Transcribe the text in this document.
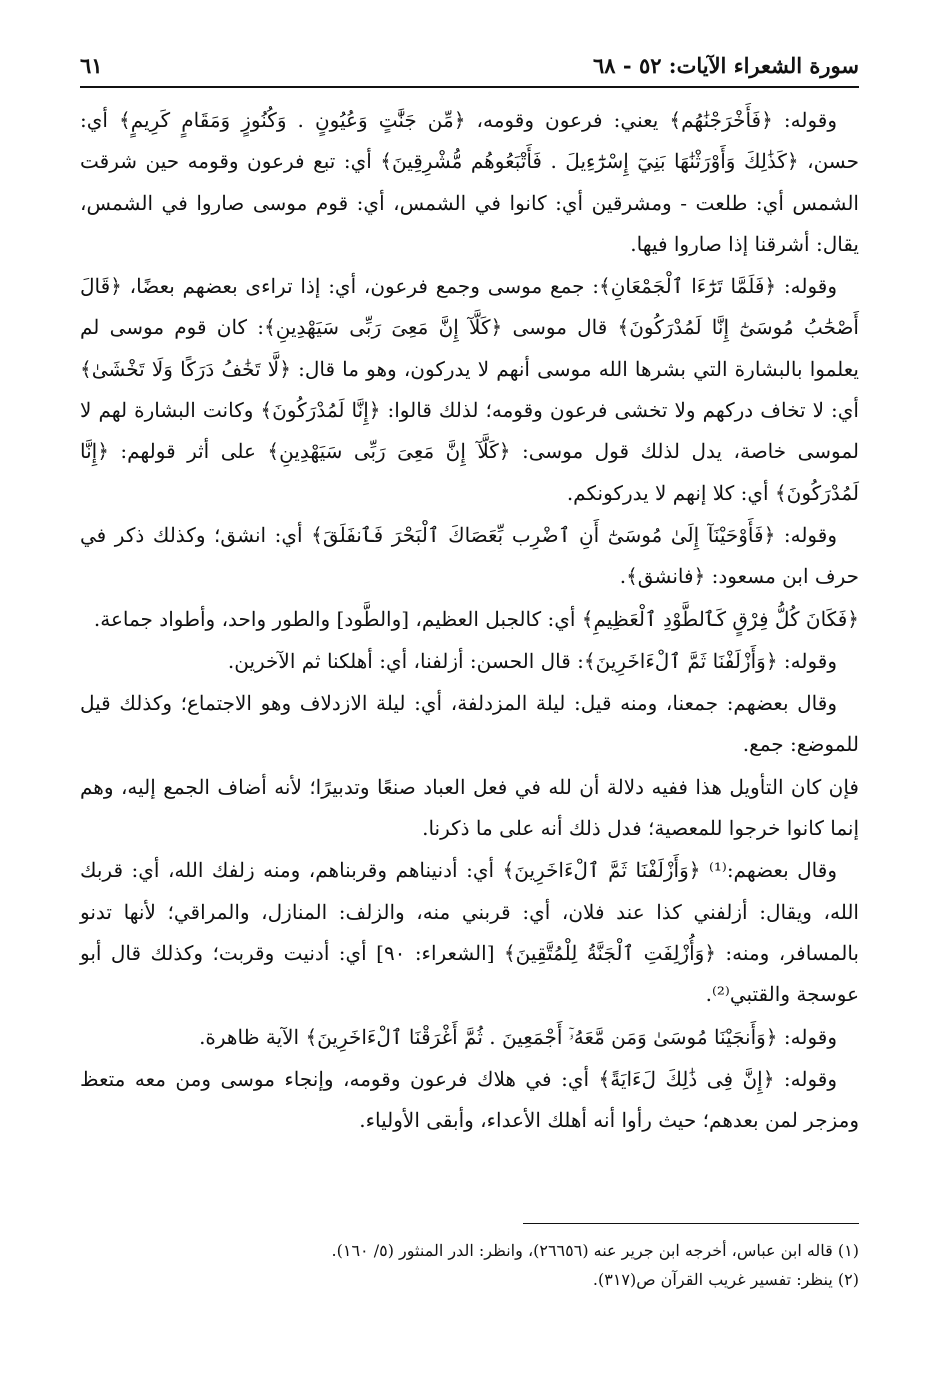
سورة الشعراء الآيات: ٥٢ - ٦٨
٦١

وقوله: ﴿فَأَخْرَجْنَٰهُم﴾ يعني: فرعون وقومه، ﴿مِّن جَنَّٰتٍ وَعُيُونٍ . وَكُنُوزٍ وَمَقَامٍ كَرِيمٍ﴾ أي: حسن، ﴿كَذَٰلِكَ وَأَوْرَثْنَٰهَا بَنِيٓ إِسْرَٰٓءِيلَ . فَأَتْبَعُوهُم مُّشْرِقِينَ﴾ أي: تبع فرعون وقومه حين شرقت الشمس أي: طلعت - ومشرقين أي: كانوا في الشمس، أي: قوم موسى صاروا في الشمس، يقال: أشرقنا إذا صاروا فيها.

وقوله: ﴿فَلَمَّا تَرَٰٓءَا ٱلْجَمْعَانِ﴾: جمع موسى وجمع فرعون، أي: إذا تراءى بعضهم بعضًا، ﴿قَالَ أَصْحَٰبُ مُوسَىٰٓ إِنَّا لَمُدْرَكُونَ﴾ قال موسى ﴿كَلَّآ إِنَّ مَعِىَ رَبِّى سَيَهْدِينِ﴾: كان قوم موسى لم يعلموا بالبشارة التي بشرها الله موسى أنهم لا يدركون، وهو ما قال: ﴿لَّا تَخَٰفُ دَرَكًا وَلَا تَخْشَىٰ﴾ أي: لا تخاف دركهم ولا تخشى فرعون وقومه؛ لذلك قالوا: ﴿إِنَّا لَمُدْرَكُونَ﴾ وكانت البشارة لهم لا لموسى خاصة، يدل لذلك قول موسى: ﴿كَلَّآ إِنَّ مَعِىَ رَبِّى سَيَهْدِينِ﴾ على أثر قولهم: ﴿إِنَّا لَمُدْرَكُونَ﴾ أي: كلا إنهم لا يدركونكم.

وقوله: ﴿فَأَوْحَيْنَآ إِلَىٰ مُوسَىٰٓ أَنِ ٱضْرِب بِّعَصَاكَ ٱلْبَحْرَ فَٱنفَلَقَ﴾ أي: انشق؛ وكذلك ذكر في حرف ابن مسعود: ﴿فانشق﴾.

﴿فَكَانَ كُلُّ فِرْقٍ كَٱلطَّوْدِ ٱلْعَظِيمِ﴾ أي: كالجبل العظيم، [والطَّود] والطور واحد، وأطواد جماعة.

وقوله: ﴿وَأَزْلَفْنَا ثَمَّ ٱلْءَاخَرِينَ﴾: قال الحسن: أزلفنا، أي: أهلكنا ثم الآخرين.

وقال بعضهم: جمعنا، ومنه قيل: ليلة المزدلفة، أي: ليلة الازدلاف وهو الاجتماع؛ وكذلك قيل للموضع: جمع.

فإن كان التأويل هذا ففيه دلالة أن لله في فعل العباد صنعًا وتدبيرًا؛ لأنه أضاف الجمع إليه، وهم إنما كانوا خرجوا للمعصية؛ فدل ذلك أنه على ما ذكرنا.

وقال بعضهم:⁽¹⁾ ﴿وَأَزْلَفْنَا ثَمَّ ٱلْءَاخَرِينَ﴾ أي: أدنيناهم وقربناهم، ومنه زلفك الله، أي: قربك الله، ويقال: أزلفني كذا عند فلان، أي: قربني منه، والزلف: المنازل، والمراقي؛ لأنها تدنو بالمسافر، ومنه: ﴿وَأُزْلِفَتِ ٱلْجَنَّةُ لِلْمُتَّقِينَ﴾ [الشعراء: ٩٠] أي: أدنيت وقربت؛ وكذلك قال أبو عوسجة والقتبي⁽²⁾.

وقوله: ﴿وَأَنجَيْنَا مُوسَىٰ وَمَن مَّعَهُۥٓ أَجْمَعِينَ . ثُمَّ أَغْرَقْنَا ٱلْءَاخَرِينَ﴾ الآية ظاهرة.

وقوله: ﴿إِنَّ فِى ذَٰلِكَ لَءَايَةً﴾ أي: في هلاك فرعون وقومه، وإنجاء موسى ومن معه متعظ ومزجر لمن بعدهم؛ حيث رأوا أنه أهلك الأعداء، وأبقى الأولياء.

(١) قاله ابن عباس، أخرجه ابن جرير عنه (٢٦٦٥٦)، وانظر: الدر المنثور (٥/ ١٦٠).

(٢) ينظر: تفسير غريب القرآن ص(٣١٧).
